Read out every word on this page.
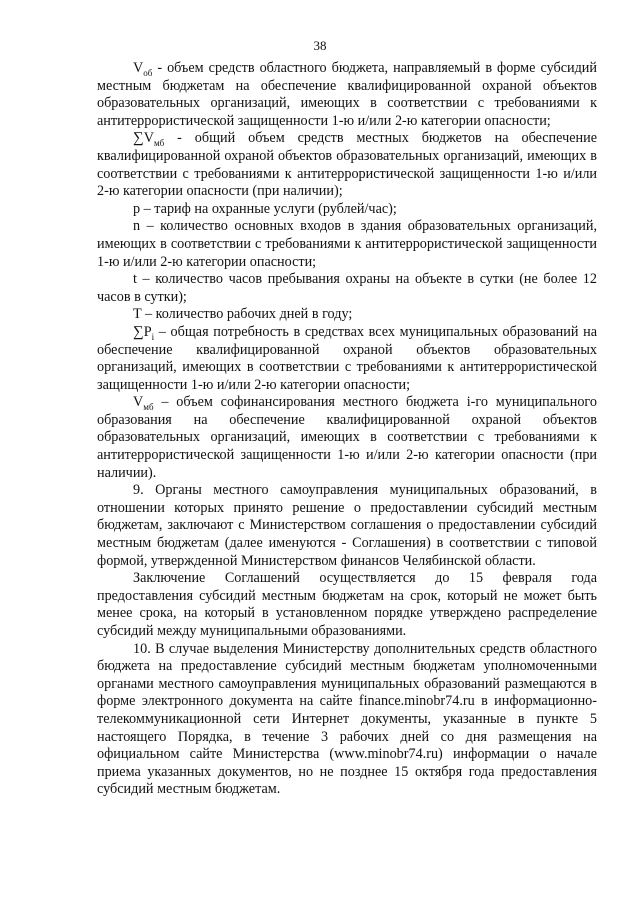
38

$V_{об}$ - объем средств областного бюджета, направляемый в форме субсидий местным бюджетам на обеспечение квалифицированной охраной объектов образовательных организаций, имеющих в соответствии с требованиями к антитеррористической защищенности 1-ю и/или 2-ю категории опасности;

$\sum V_{мб}$ - общий объем средств местных бюджетов на обеспечение квалифицированной охраной объектов образовательных организаций, имеющих в соответствии с требованиями к антитеррористической защищенности 1-ю и/или 2-ю категории опасности (при наличии);

р – тариф на охранные услуги (рублей/час);

n – количество основных входов в здания образовательных организаций, имеющих в соответствии с требованиями к антитеррористической защищенности 1-ю и/или 2-ю категории опасности;

t – количество часов пребывания охраны на объекте в сутки (не более 12 часов в сутки);

T – количество рабочих дней в году;

$\sum P_i$ – общая потребность в средствах всех муниципальных образований на обеспечение квалифицированной охраной объектов образовательных организаций, имеющих в соответствии с требованиями к антитеррористической защищенности 1-ю и/или 2-ю категории опасности;

$V_{мб}$ – объем софинансирования местного бюджета i-го муниципального образования на обеспечение квалифицированной охраной объектов образовательных организаций, имеющих в соответствии с требованиями к антитеррористической защищенности 1-ю и/или 2-ю категории опасности (при наличии).

9. Органы местного самоуправления муниципальных образований, в отношении которых принято решение о предоставлении субсидий местным бюджетам, заключают с Министерством соглашения о предоставлении субсидий местным бюджетам (далее именуются - Соглашения) в соответствии с типовой формой, утвержденной Министерством финансов Челябинской области.

Заключение Соглашений осуществляется до 15 февраля года предоставления субсидий местным бюджетам на срок, который не может быть менее срока, на который в установленном порядке утверждено распределение субсидий между муниципальными образованиями.

10. В случае выделения Министерству дополнительных средств областного бюджета на предоставление субсидий местным бюджетам уполномоченными органами местного самоуправления муниципальных образований размещаются в форме электронного документа на сайте finance.minobr74.ru в информационно-телекоммуникационной сети Интернет документы, указанные в пункте 5 настоящего Порядка, в течение 3 рабочих дней со дня размещения на официальном сайте Министерства (www.minobr74.ru) информации о начале приема указанных документов, но не позднее 15 октября года предоставления субсидий местным бюджетам.
